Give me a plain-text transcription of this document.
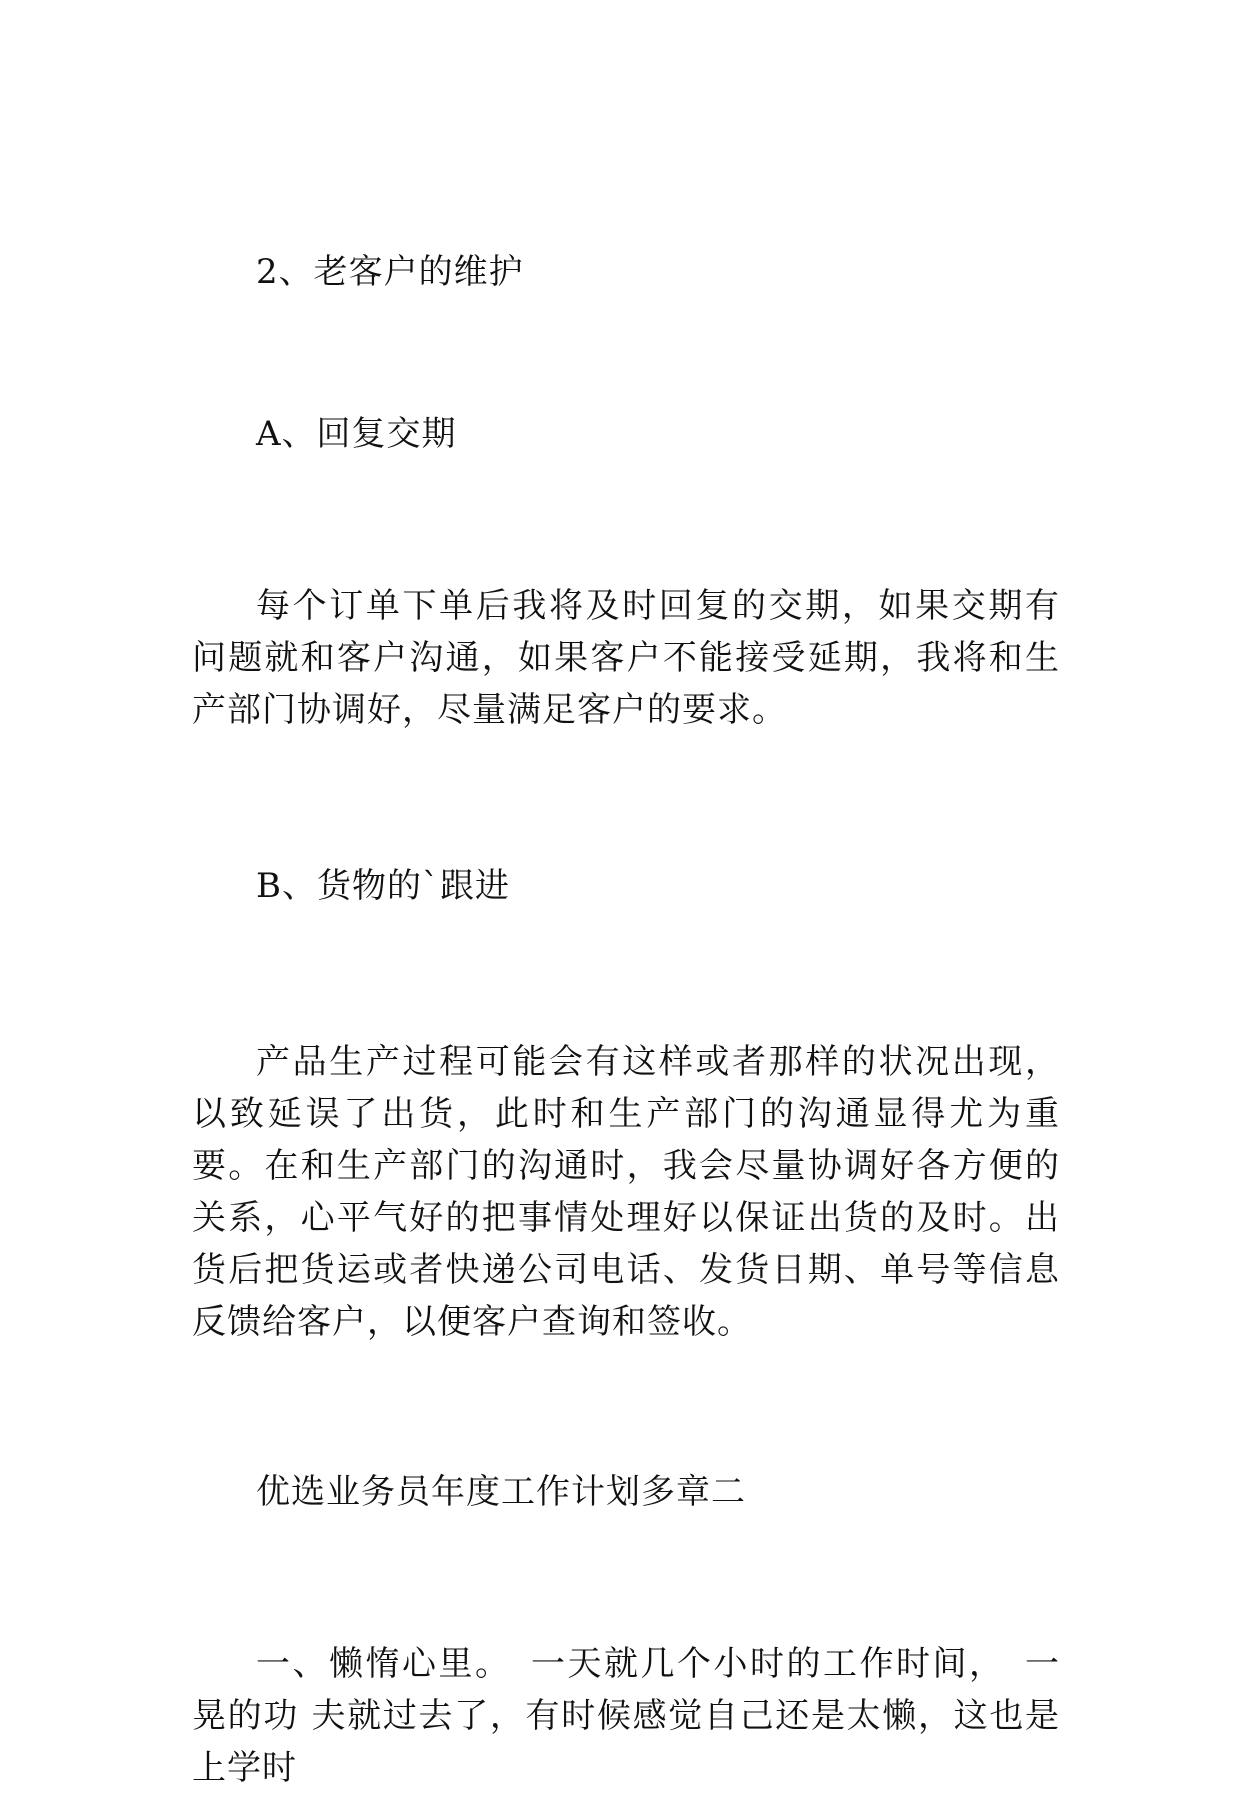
2、老客户的维护

A、回复交期

每个订单下单后我将及时回复的交期，如果交期有问题就和客户沟通，如果客户不能接受延期，我将和生产部门协调好，尽量满足客户的要求。

B、货物的`跟进

产品生产过程可能会有这样或者那样的状况出现，以致延误了出货，此时和生产部门的沟通显得尤为重要。在和生产部门的沟通时，我会尽量协调好各方便的关系，心平气好的把事情处理好以保证出货的及时。出货后把货运或者快递公司电话、发货日期、单号等信息反馈给客户，以便客户查询和签收。

优选业务员年度工作计划多章二

一、懒惰心里。　一天就几个小时的工作时间，　一晃的功 夫就过去了，有时候感觉自己还是太懒，这也是上学时
